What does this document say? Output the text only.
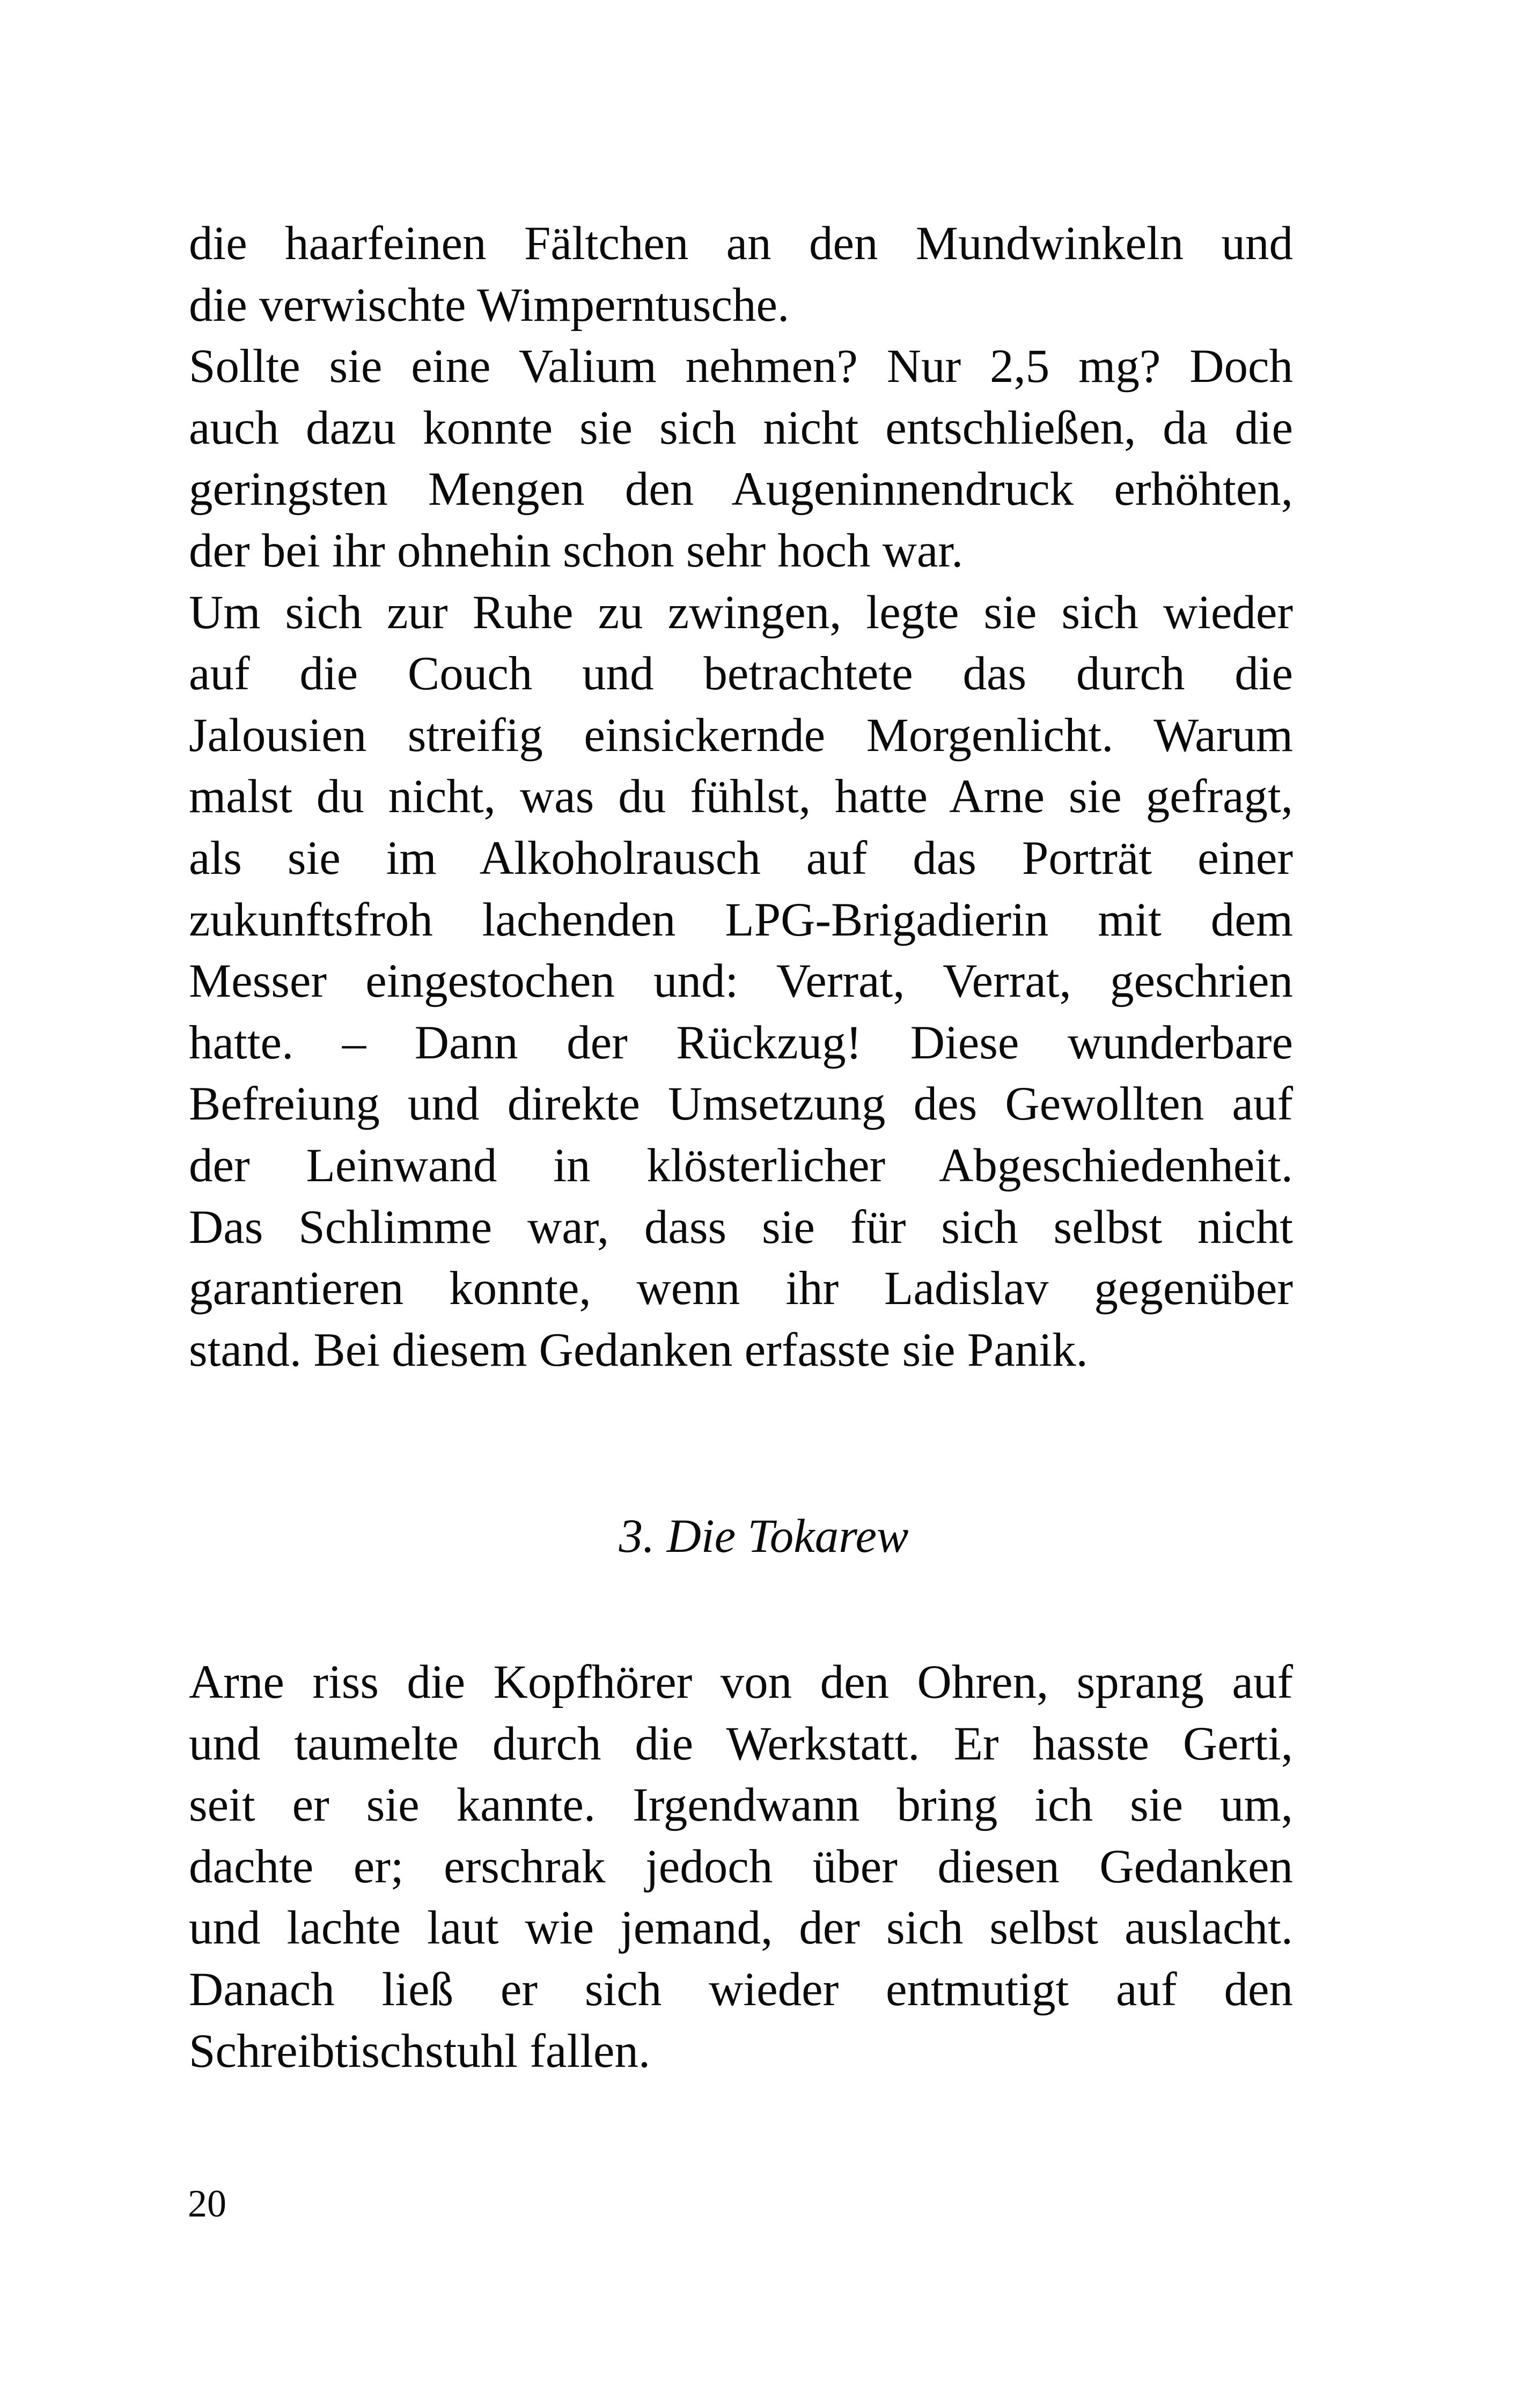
die haarfeinen Fältchen an den Mundwinkeln und
die verwischte Wimperntusche.
Sollte sie eine Valium nehmen? Nur 2,5 mg? Doch
auch dazu konnte sie sich nicht entschließen, da die
geringsten Mengen den Augeninnendruck erhöhten,
der bei ihr ohnehin schon sehr hoch war.
Um sich zur Ruhe zu zwingen, legte sie sich wieder
auf die Couch und betrachtete das durch die
Jalousien streifig einsickernde Morgenlicht. Warum
malst du nicht, was du fühlst, hatte Arne sie gefragt,
als sie im Alkoholrausch auf das Porträt einer
zukunftsfroh lachenden LPG-Brigadierin mit dem
Messer eingestochen und: Verrat, Verrat, geschrien
hatte. – Dann der Rückzug! Diese wunderbare
Befreiung und direkte Umsetzung des Gewollten auf
der Leinwand in klösterlicher Abgeschiedenheit.
Das Schlimme war, dass sie für sich selbst nicht
garantieren konnte, wenn ihr Ladislav gegenüber
stand. Bei diesem Gedanken erfasste sie Panik.
3. Die Tokarew
Arne riss die Kopfhörer von den Ohren, sprang auf
und taumelte durch die Werkstatt. Er hasste Gerti,
seit er sie kannte. Irgendwann bring ich sie um,
dachte er; erschrak jedoch über diesen Gedanken
und lachte laut wie jemand, der sich selbst auslacht.
Danach ließ er sich wieder entmutigt auf den
Schreibtischstuhl fallen.
20
